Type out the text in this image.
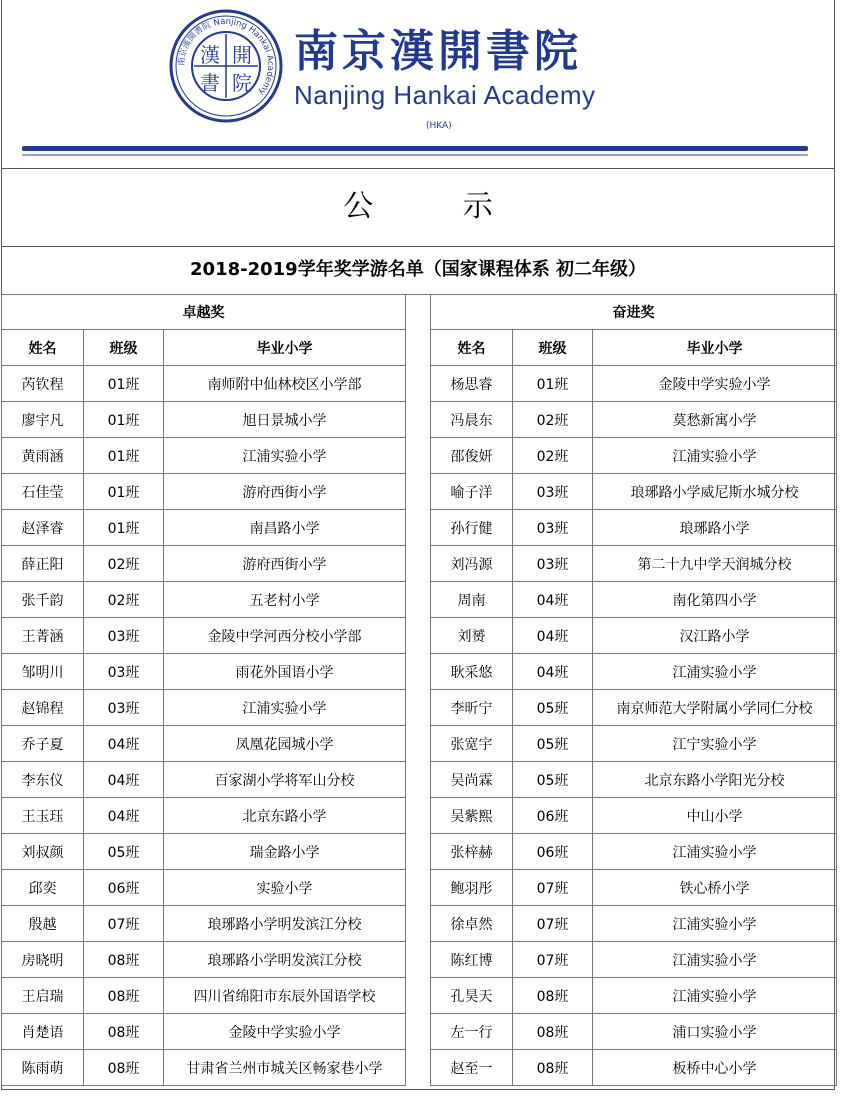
漢 開
書 院
南京漢開書院 Nanjing Hankai Academy
南京漢開書院
Nanjing Hankai Academy
(HKA)
公 示
2018-2019学年奖学游名单（国家课程体系 初二年级）
卓越奖		
姓名	班级	毕业小学
芮钦程	01班	南师附中仙林校区小学部
廖宇凡	01班	旭日景城小学
黄雨涵	01班	江浦实验小学
石佳莹	01班	游府西街小学
赵泽睿	01班	南昌路小学
薛正阳	02班	游府西街小学
张千韵	02班	五老村小学
王菁涵	03班	金陵中学河西分校小学部
邹明川	03班	雨花外国语小学
赵锦程	03班	江浦实验小学
乔子夏	04班	凤凰花园城小学
李东仪	04班	百家湖小学将军山分校
王玉珏	04班	北京东路小学
刘叔颜	05班	瑞金路小学
邱奕	06班	实验小学
殷越	07班	琅琊路小学明发滨江分校
房晓明	08班	琅琊路小学明发滨江分校
王启瑞	08班	四川省绵阳市东辰外国语学校
肖楚语	08班	金陵中学实验小学
陈雨萌	08班	甘肃省兰州市城关区畅家巷小学
奋进奖		
姓名	班级	毕业小学
杨思睿	01班	金陵中学实验小学
冯晨东	02班	莫愁新寓小学
邵俊妍	02班	江浦实验小学
喻子洋	03班	琅琊路小学威尼斯水城分校
孙行健	03班	琅琊路小学
刘冯源	03班	第二十九中学天润城分校
周南	04班	南化第四小学
刘赟	04班	汉江路小学
耿采悠	04班	江浦实验小学
李昕宁	05班	南京师范大学附属小学同仁分校
张宽宇	05班	江宁实验小学
吴尚霖	05班	北京东路小学阳光分校
吴紫熙	06班	中山小学
张梓赫	06班	江浦实验小学
鲍羽彤	07班	铁心桥小学
徐卓然	07班	江浦实验小学
陈红博	07班	江浦实验小学
孔昊天	08班	江浦实验小学
左一行	08班	浦口实验小学
赵至一	08班	板桥中心小学
